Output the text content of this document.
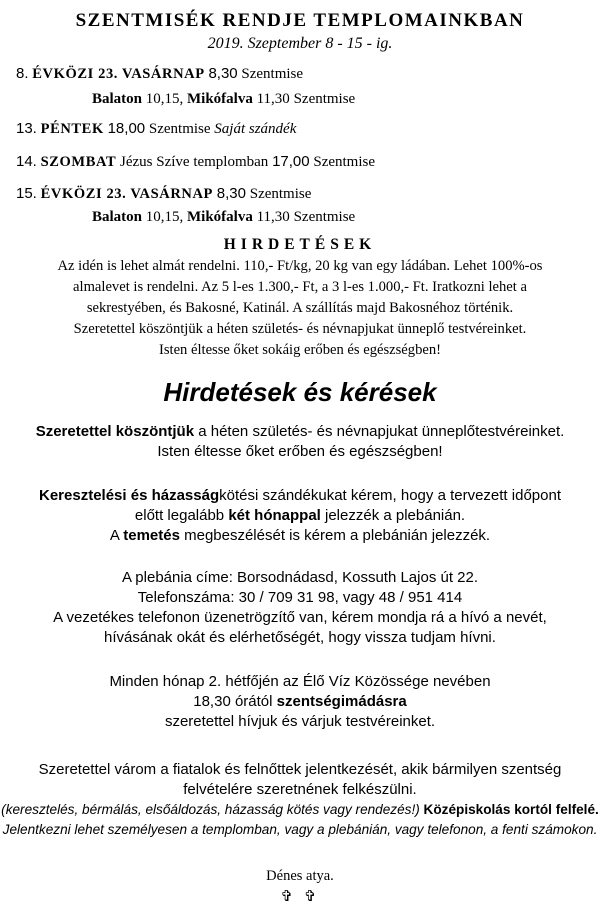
SZENTMISÉK RENDJE TEMPLOMAINKBAN
2019. Szeptember 8 - 15 - ig.
8. ÉVKÖZI 23. VASÁRNAP 8,30 Szentmise
Balaton 10,15, Mikófalva 11,30 Szentmise
13. PÉNTEK 18,00 Szentmise Saját szándék
14. SZOMBAT Jézus Szíve templomban 17,00 Szentmise
15. ÉVKÖZI 23. VASÁRNAP 8,30 Szentmise
Balaton 10,15, Mikófalva 11,30 Szentmise
HIRDETÉSEK
Az idén is lehet almát rendelni. 110,- Ft/kg, 20 kg van egy ládában. Lehet 100%-os
almalevet is rendelni. Az 5 l-es 1.300,- Ft, a 3 l-es 1.000,- Ft. Iratkozni lehet a
sekrestyében, és Bakosné, Katinál. A szállítás majd Bakosnéhoz történik.
Szeretettel köszöntjük a héten születés- és névnapjukat ünneplő testvéreinket.
Isten éltesse őket sokáig erőben és egészségben!
Hirdetések és kérések
Szeretettel köszöntjük a héten születés- és névnapjukat ünneplőtestvéreinket.
Isten éltesse őket erőben és egészségben!
Keresztelési és házasságkötési szándékukat kérem, hogy a tervezett időpont
előtt legalább két hónappal jelezzék a plebánián.
A temetés megbeszélését is kérem a plebánián jelezzék.
A plebánia címe: Borsodnádasd, Kossuth Lajos út 22.
Telefonszáma: 30 / 709 31 98, vagy 48 / 951 414
A vezetékes telefonon üzenetrögzítő van, kérem mondja rá a hívó a nevét,
hívásának okát és elérhetőségét, hogy vissza tudjam hívni.
Minden hónap 2. hétfőjén az Élő Víz Közössége nevében
18,30 órától szentségimádásra
szeretettel hívjuk és várjuk testvéreinket.
Szeretettel várom a fiatalok és felnőttek jelentkezését, akik bármilyen szentség
felvételére szeretnének felkészülni.
(keresztelés, bérmálás, elsőáldozás, házasság kötés vagy rendezés!) Középiskolás kortól felfelé.
Jelentkezni lehet személyesen a templomban, vagy a plebánián, vagy telefonon, a fenti számokon.
Dénes atya.
✞ ✞
